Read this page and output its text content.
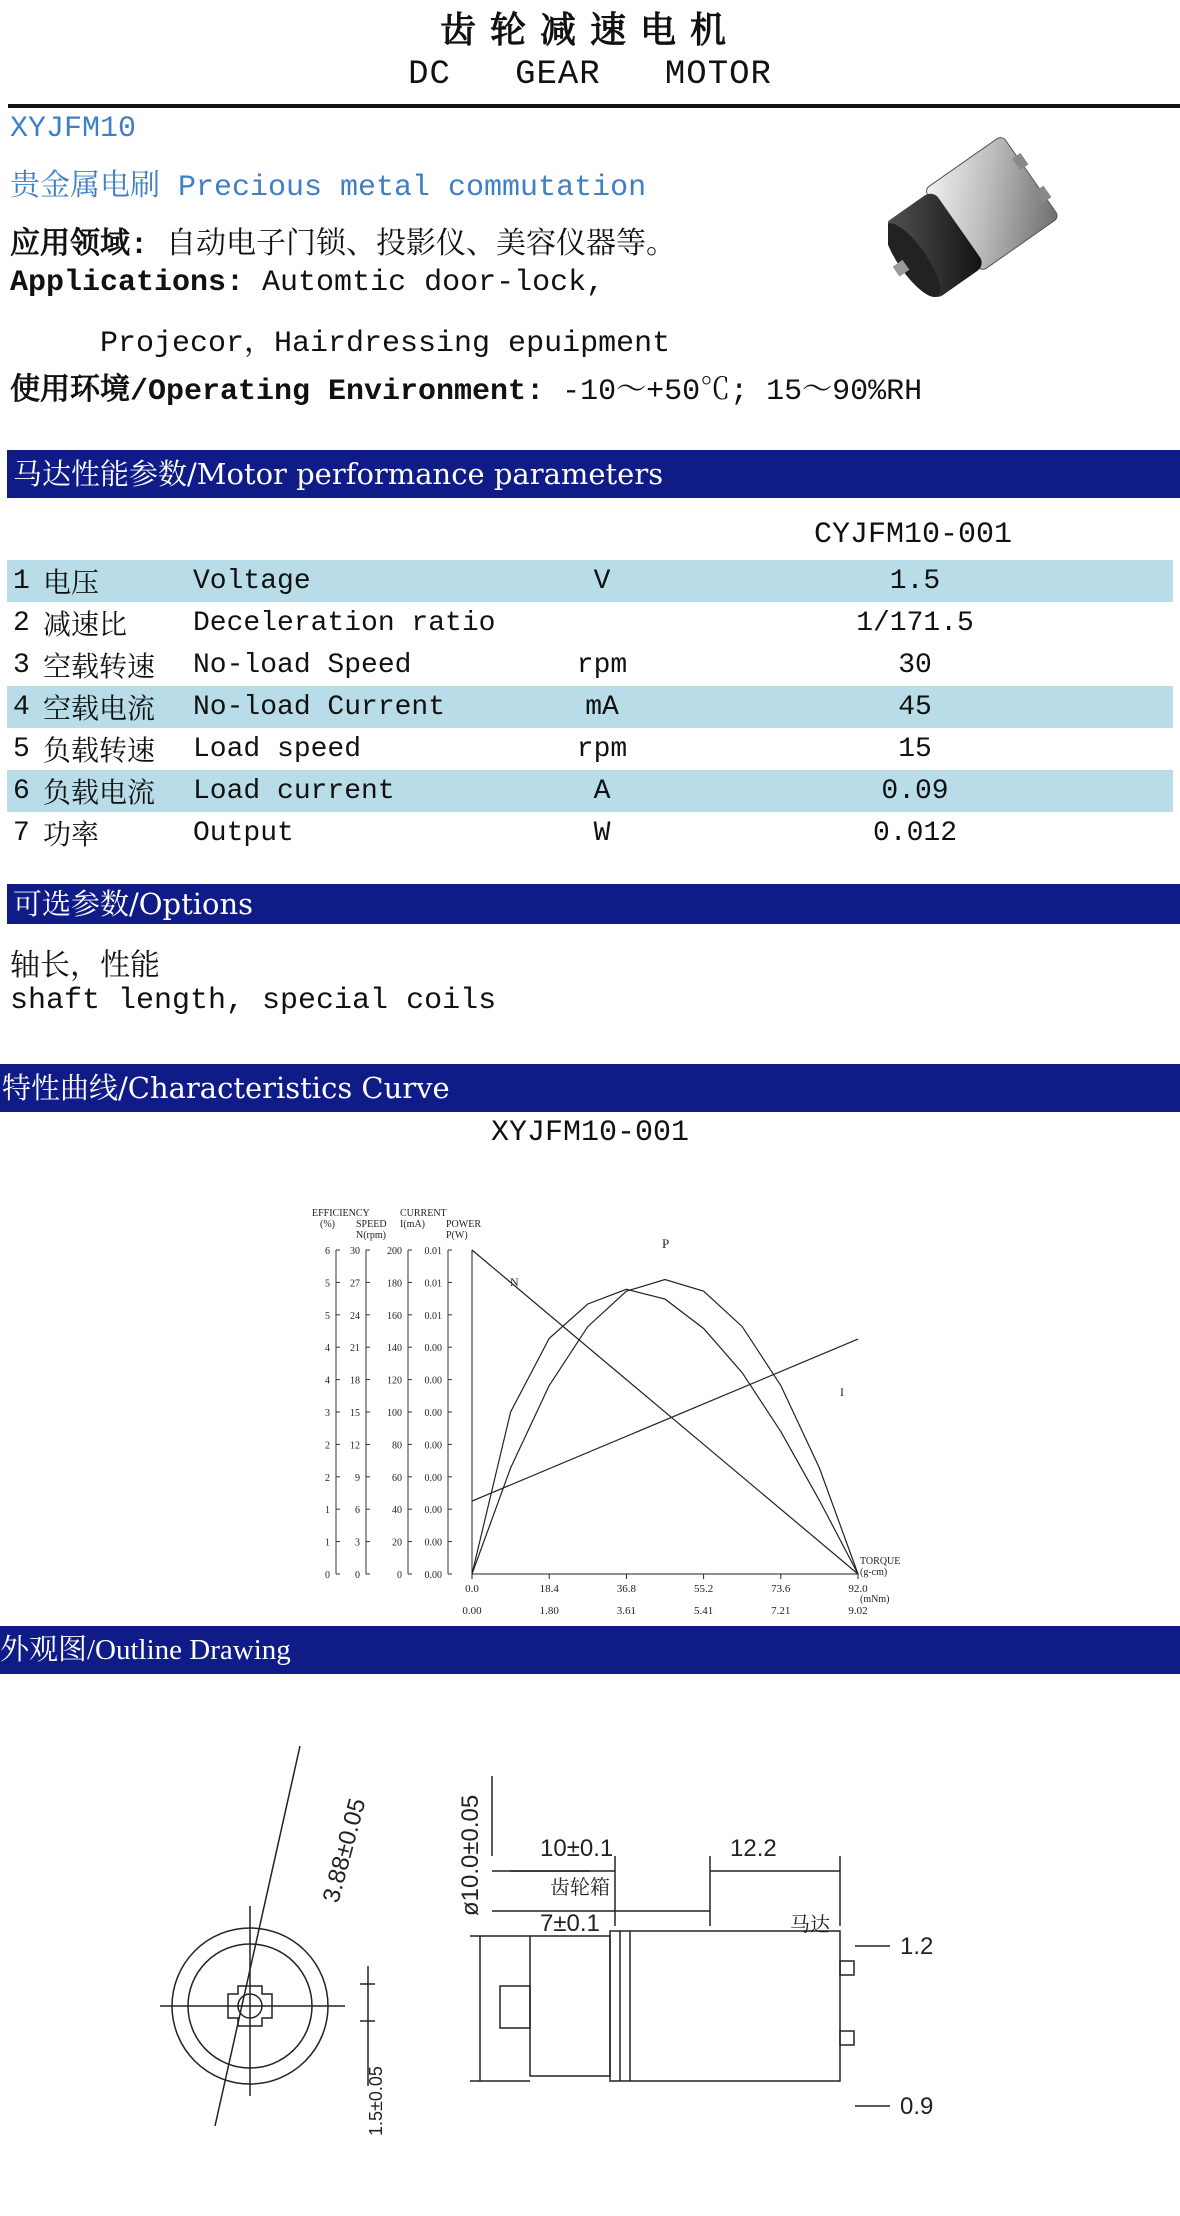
齿轮减速电机
DC   GEAR   MOTOR
XYJFM10
贵金属电刷 Precious metal commutation
应用领域: 自动电子门锁、投影仪、美容仪器等。
Applications: Automtic door-lock,
Projecor，Hairdressing epuipment
使用环境/Operating Environment: -10～+50℃; 15～90%RH
马达性能参数/Motor performance parameters
CYJFM10-001
1	电压	Voltage	V	1.5
2	减速比	Deceleration ratio		1/171.5
3	空载转速	No-load Speed	rpm	30
4	空载电流	No-load Current	mA	45
5	负载转速	Load speed	rpm	15
6	负载电流	Load current	A	0.09
7	功率	Output	W	0.012
可选参数/Options
轴长，性能
shaft length, special coils
特性曲线/Characteristics Curve
XYJFM10-001
EFFICIENCY
(%) SPEED
N(rpm)
CURRENT
I(mA) POWER
P(W)
0
1
1
2
2
3
4
4
5
5
6
0
3
6
9
12
15
18
21
24
27
30
0
20
40
60
80
100
120
140
160
180
200
0.00
0.00
0.00
0.00
0.00
0.00
0.00
0.00
0.01
0.01
0.01
0.0
0.00
18.4
1.80
36.8
3.61
55.2
5.41
73.6
7.21
92.0
9.02
TORQUE
(g-cm)
(mNm)
N
I
P
外观图/Outline Drawing
3.88±0.05
1.5±0.05
ø10.0±0.05 10±0.1	12.2
齿轮箱
7±0.1	马达
1.2
0.9
